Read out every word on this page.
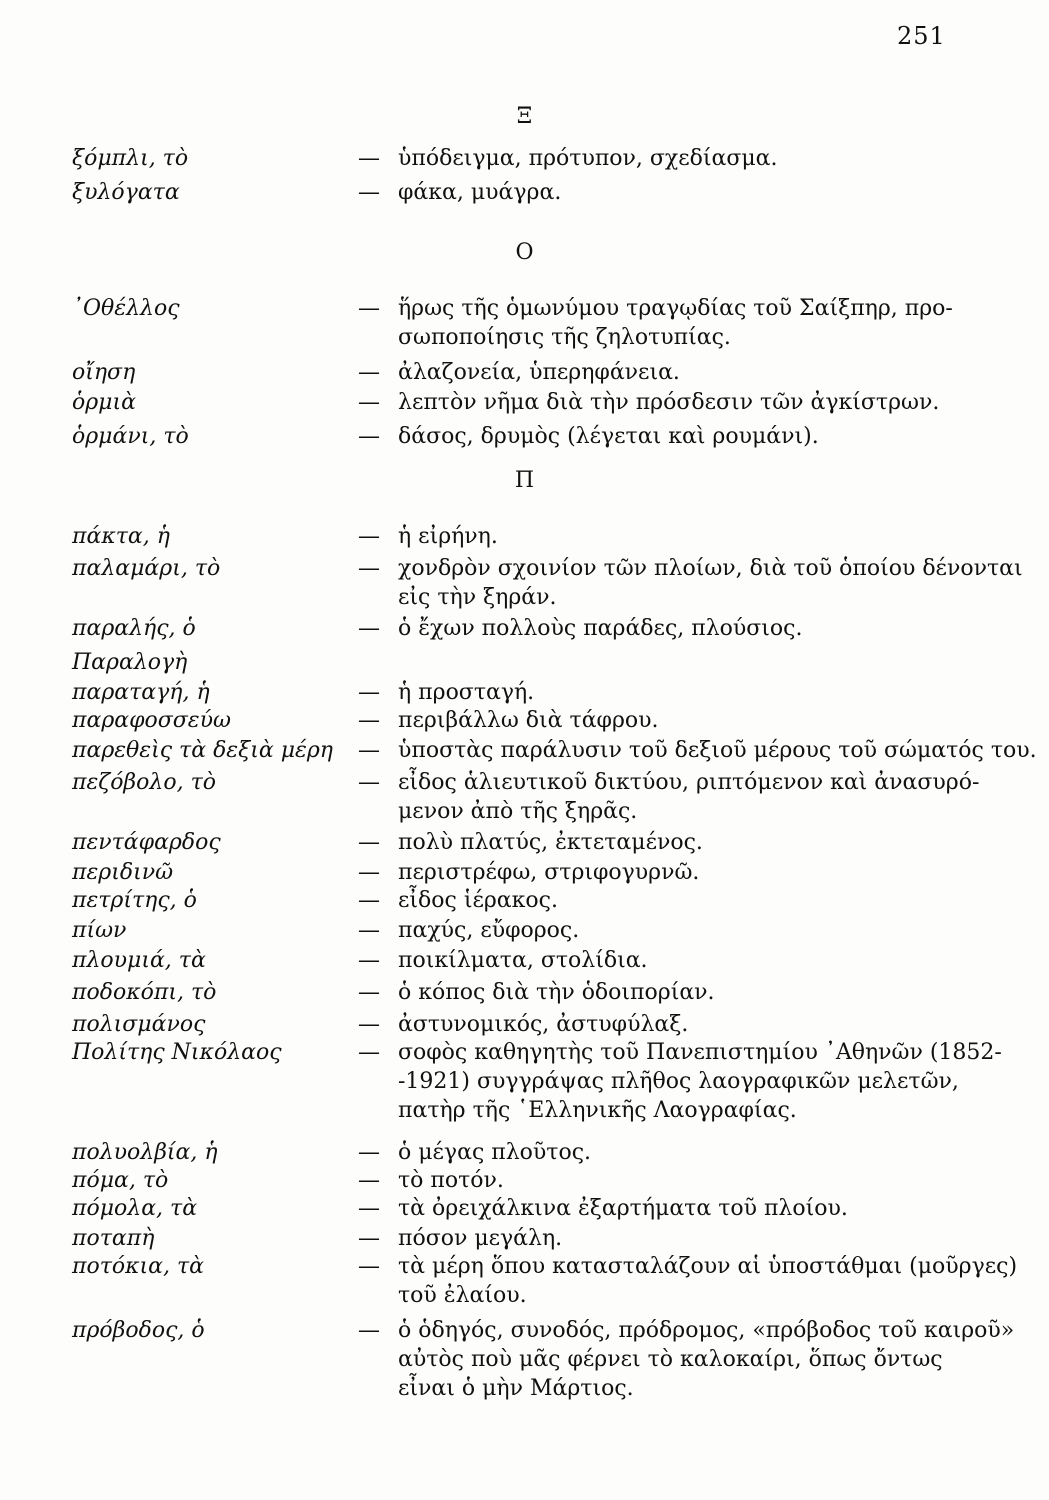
251
Ξ
ξόμπλι, τὸ	— ὑπόδειγμα, πρότυπον, σχεδίασμα.
ξυλόγατα	— φάκα, μυάγρα.
Ο
᾿Οθέλλος	— ἥρως τῆς ὁμωνύμου τραγῳδίας τοῦ Σαίξπηρ, προ-
σωποποίησις τῆς ζηλοτυπίας.
οἴηση	— ἀλαζονεία, ὑπερηφάνεια.
ὁρμιὰ	— λεπτὸν νῆμα διὰ τὴν πρόσδεσιν τῶν ἀγκίστρων.
ὁρμάνι, τὸ	— δάσος, δρυμὸς (λέγεται καὶ ρουμάνι).
Π
πάκτα, ἡ	— ἡ εἰρήνη.
παλαμάρι, τὸ	— χονδρὸν σχοινίον τῶν πλοίων, διὰ τοῦ ὁποίου δένονται
εἰς τὴν ξηράν.
παραλής, ὁ	— ὁ ἔχων πολλοὺς παράδες, πλούσιος.
Παραλογὴ
παραταγή, ἡ	— ἡ προσταγή.
παραφοσσεύω	— περιβάλλω διὰ τάφρου.
παρεθεὶς τὰ δεξιὰ μέρη	— ὑποστὰς παράλυσιν τοῦ δεξιοῦ μέρους τοῦ σώματός του.
πεζόβολο, τὸ	— εἶδος ἁλιευτικοῦ δικτύου, ριπτόμενον καὶ ἀνασυρό-
μενον ἀπὸ τῆς ξηρᾶς.
πεντάφαρδος	— πολὺ πλατύς, ἐκτεταμένος.
περιδινῶ	— περιστρέφω, στριφογυρνῶ.
πετρίτης, ὁ	— εἶδος ἱέρακος.
πίων	— παχύς, εὔφορος.
πλουμιά, τὰ	— ποικίλματα, στολίδια.
ποδοκόπι, τὸ	— ὁ κόπος διὰ τὴν ὁδοιπορίαν.
πολισμάνος	— ἀστυνομικός, ἀστυφύλαξ.
Πολίτης Νικόλαος	— σοφὸς καθηγητὴς τοῦ Πανεπιστημίου ᾿Αθηνῶν (1852-
-1921) συγγράψας πλῆθος λαογραφικῶν μελετῶν,
πατὴρ τῆς ῾Ελληνικῆς Λαογραφίας.
πολυολβία, ἡ	— ὁ μέγας πλοῦτος.
πόμα, τὸ	— τὸ ποτόν.
πόμολα, τὰ	— τὰ ὀρειχάλκινα ἐξαρτήματα τοῦ πλοίου.
ποταπὴ	— πόσον μεγάλη.
ποτόκια, τὰ	— τὰ μέρη ὅπου κατασταλάζουν αἱ ὑποστάθμαι (μοῦργες)
τοῦ ἐλαίου.
πρόβοδος, ὁ	— ὁ ὁδηγός, συνοδός, πρόδρομος, «πρόβοδος τοῦ καιροῦ»
αὐτὸς ποὺ μᾶς φέρνει τὸ καλοκαίρι, ὅπως ὄντως
εἶναι ὁ μὴν Μάρτιος.
